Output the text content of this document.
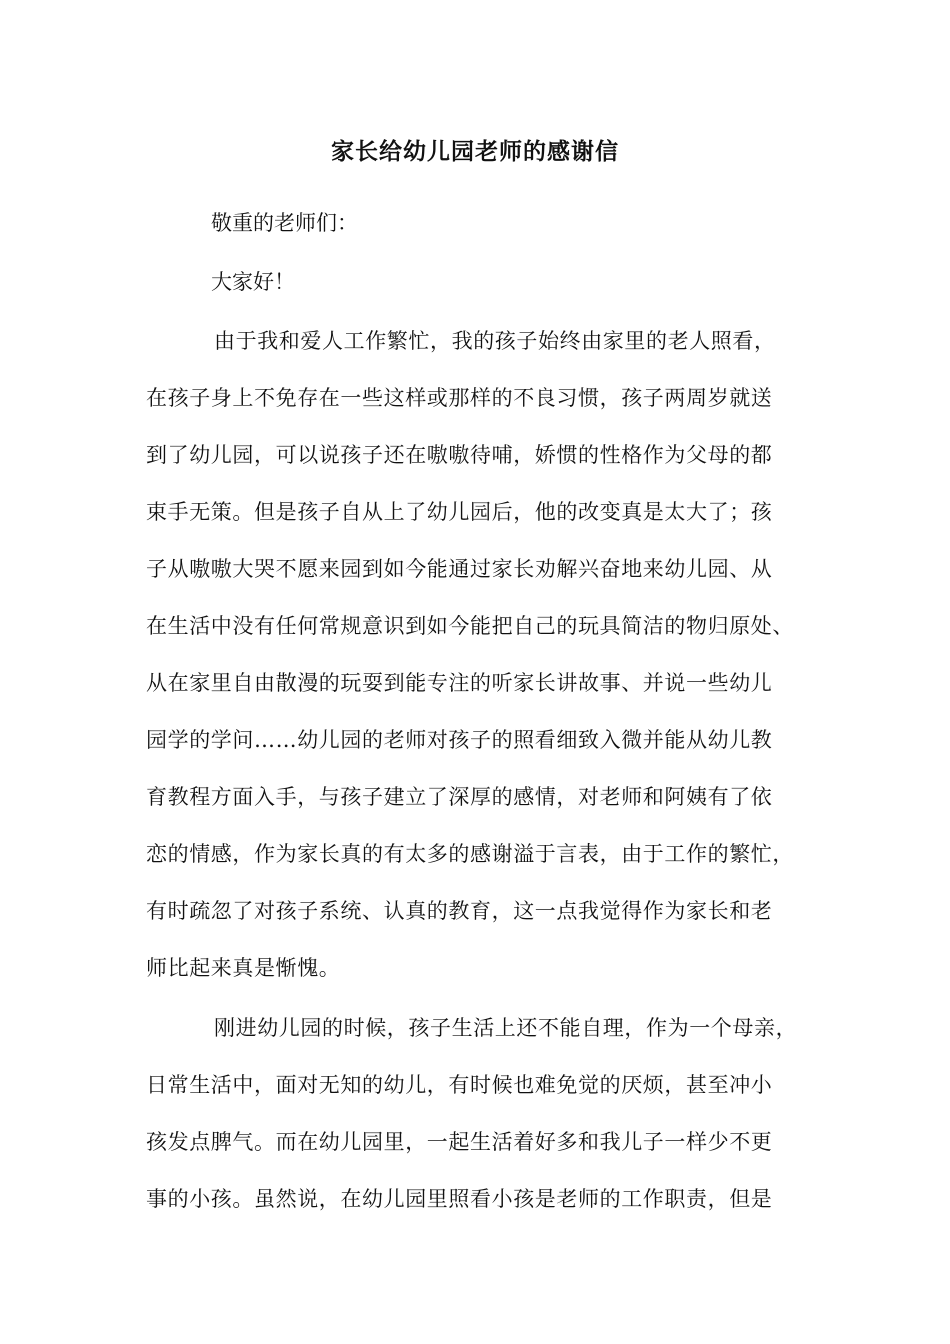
家长给幼儿园老师的感谢信
敬重的老师们：
大家好！
由于我和爱人工作繁忙，我的孩子始终由家里的老人照看，
在孩子身上不免存在一些这样或那样的不良习惯，孩子两周岁就送
到了幼儿园，可以说孩子还在嗷嗷待哺，娇惯的性格作为父母的都
束手无策。但是孩子自从上了幼儿园后，他的改变真是太大了；孩
子从嗷嗷大哭不愿来园到如今能通过家长劝解兴奋地来幼儿园、从
在生活中没有任何常规意识到如今能把自己的玩具简洁的物归原处、
从在家里自由散漫的玩耍到能专注的听家长讲故事、并说一些幼儿
园学的学问……幼儿园的老师对孩子的照看细致入微并能从幼儿教
育教程方面入手，与孩子建立了深厚的感情，对老师和阿姨有了依
恋的情感，作为家长真的有太多的感谢溢于言表，由于工作的繁忙，
有时疏忽了对孩子系统、认真的教育，这一点我觉得作为家长和老
师比起来真是惭愧。
刚进幼儿园的时候，孩子生活上还不能自理，作为一个母亲，
日常生活中，面对无知的幼儿，有时候也难免觉的厌烦，甚至冲小
孩发点脾气。而在幼儿园里，一起生活着好多和我儿子一样少不更
事的小孩。虽然说，在幼儿园里照看小孩是老师的工作职责，但是
